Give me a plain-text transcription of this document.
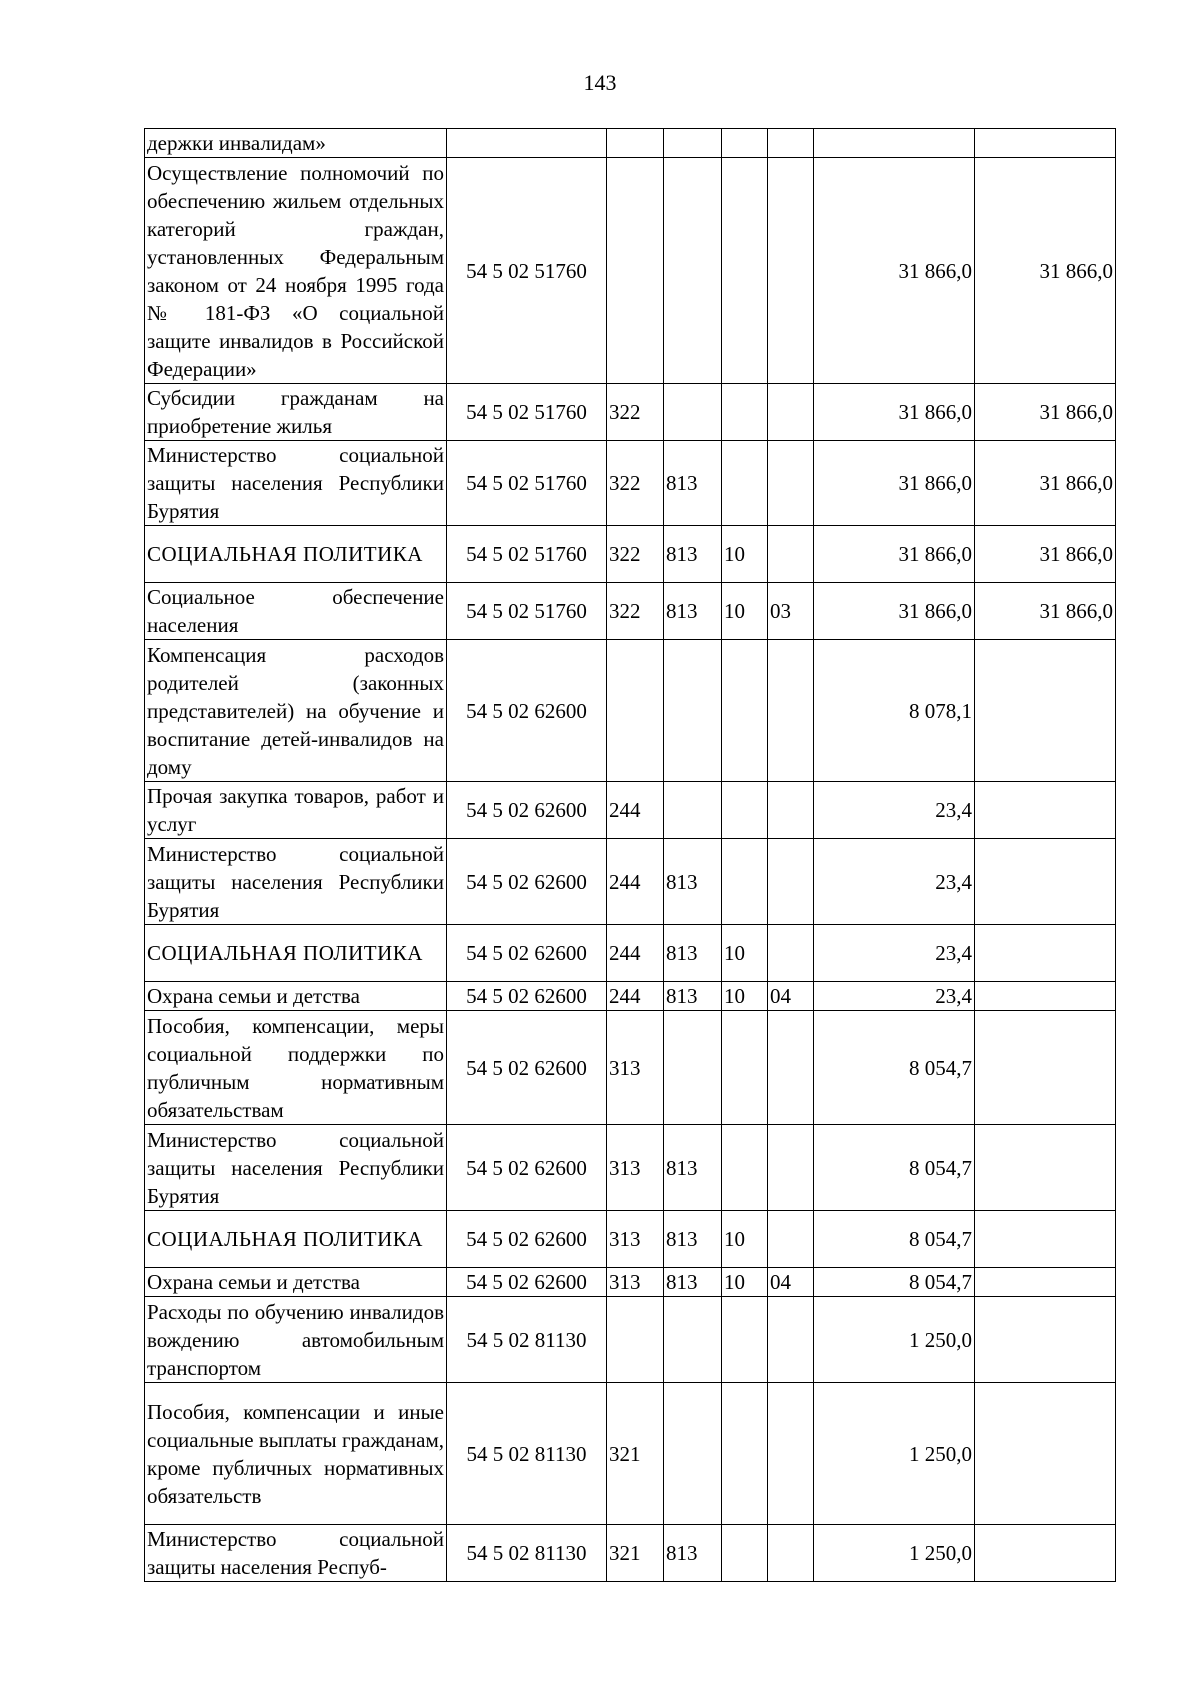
143
держки инвалидам»							
Осуществление полномочий по обеспечению жильем отдельных категорий граждан, установленных Федеральным законом от 24 ноября 1995 года № 181-ФЗ «О социальной защите инвалидов в Российской Федерации»	54 5 02 51760					31 866,0	31 866,0
Субсидии гражданам на приобретение жилья	54 5 02 51760	322				31 866,0	31 866,0
Министерство социальной защиты населения Республики Бурятия	54 5 02 51760	322	813			31 866,0	31 866,0
СОЦИАЛЬНАЯ ПОЛИТИКА	54 5 02 51760	322	813	10		31 866,0	31 866,0
Социальное обеспечение населения	54 5 02 51760	322	813	10	03	31 866,0	31 866,0
Компенсация расходов родителей (законных представителей) на обучение и воспитание детей-инвалидов на дому	54 5 02 62600					8 078,1	
Прочая закупка товаров, работ и услуг	54 5 02 62600	244				23,4	
Министерство социальной защиты населения Республики Бурятия	54 5 02 62600	244	813			23,4	
СОЦИАЛЬНАЯ ПОЛИТИКА	54 5 02 62600	244	813	10		23,4	
Охрана семьи и детства	54 5 02 62600	244	813	10	04	23,4	
Пособия, компенсации, меры социальной поддержки по публичным нормативным обязательствам	54 5 02 62600	313				8 054,7	
Министерство социальной защиты населения Республики Бурятия	54 5 02 62600	313	813			8 054,7	
СОЦИАЛЬНАЯ ПОЛИТИКА	54 5 02 62600	313	813	10		8 054,7	
Охрана семьи и детства	54 5 02 62600	313	813	10	04	8 054,7	
Расходы по обучению инвалидов вождению автомобильным транспортом	54 5 02 81130					1 250,0	
Пособия, компенсации и иные социальные выплаты гражданам, кроме публичных нормативных обязательств	54 5 02 81130	321				1 250,0	
Министерство социальной защиты населения Респуб-	54 5 02 81130	321	813			1 250,0	
